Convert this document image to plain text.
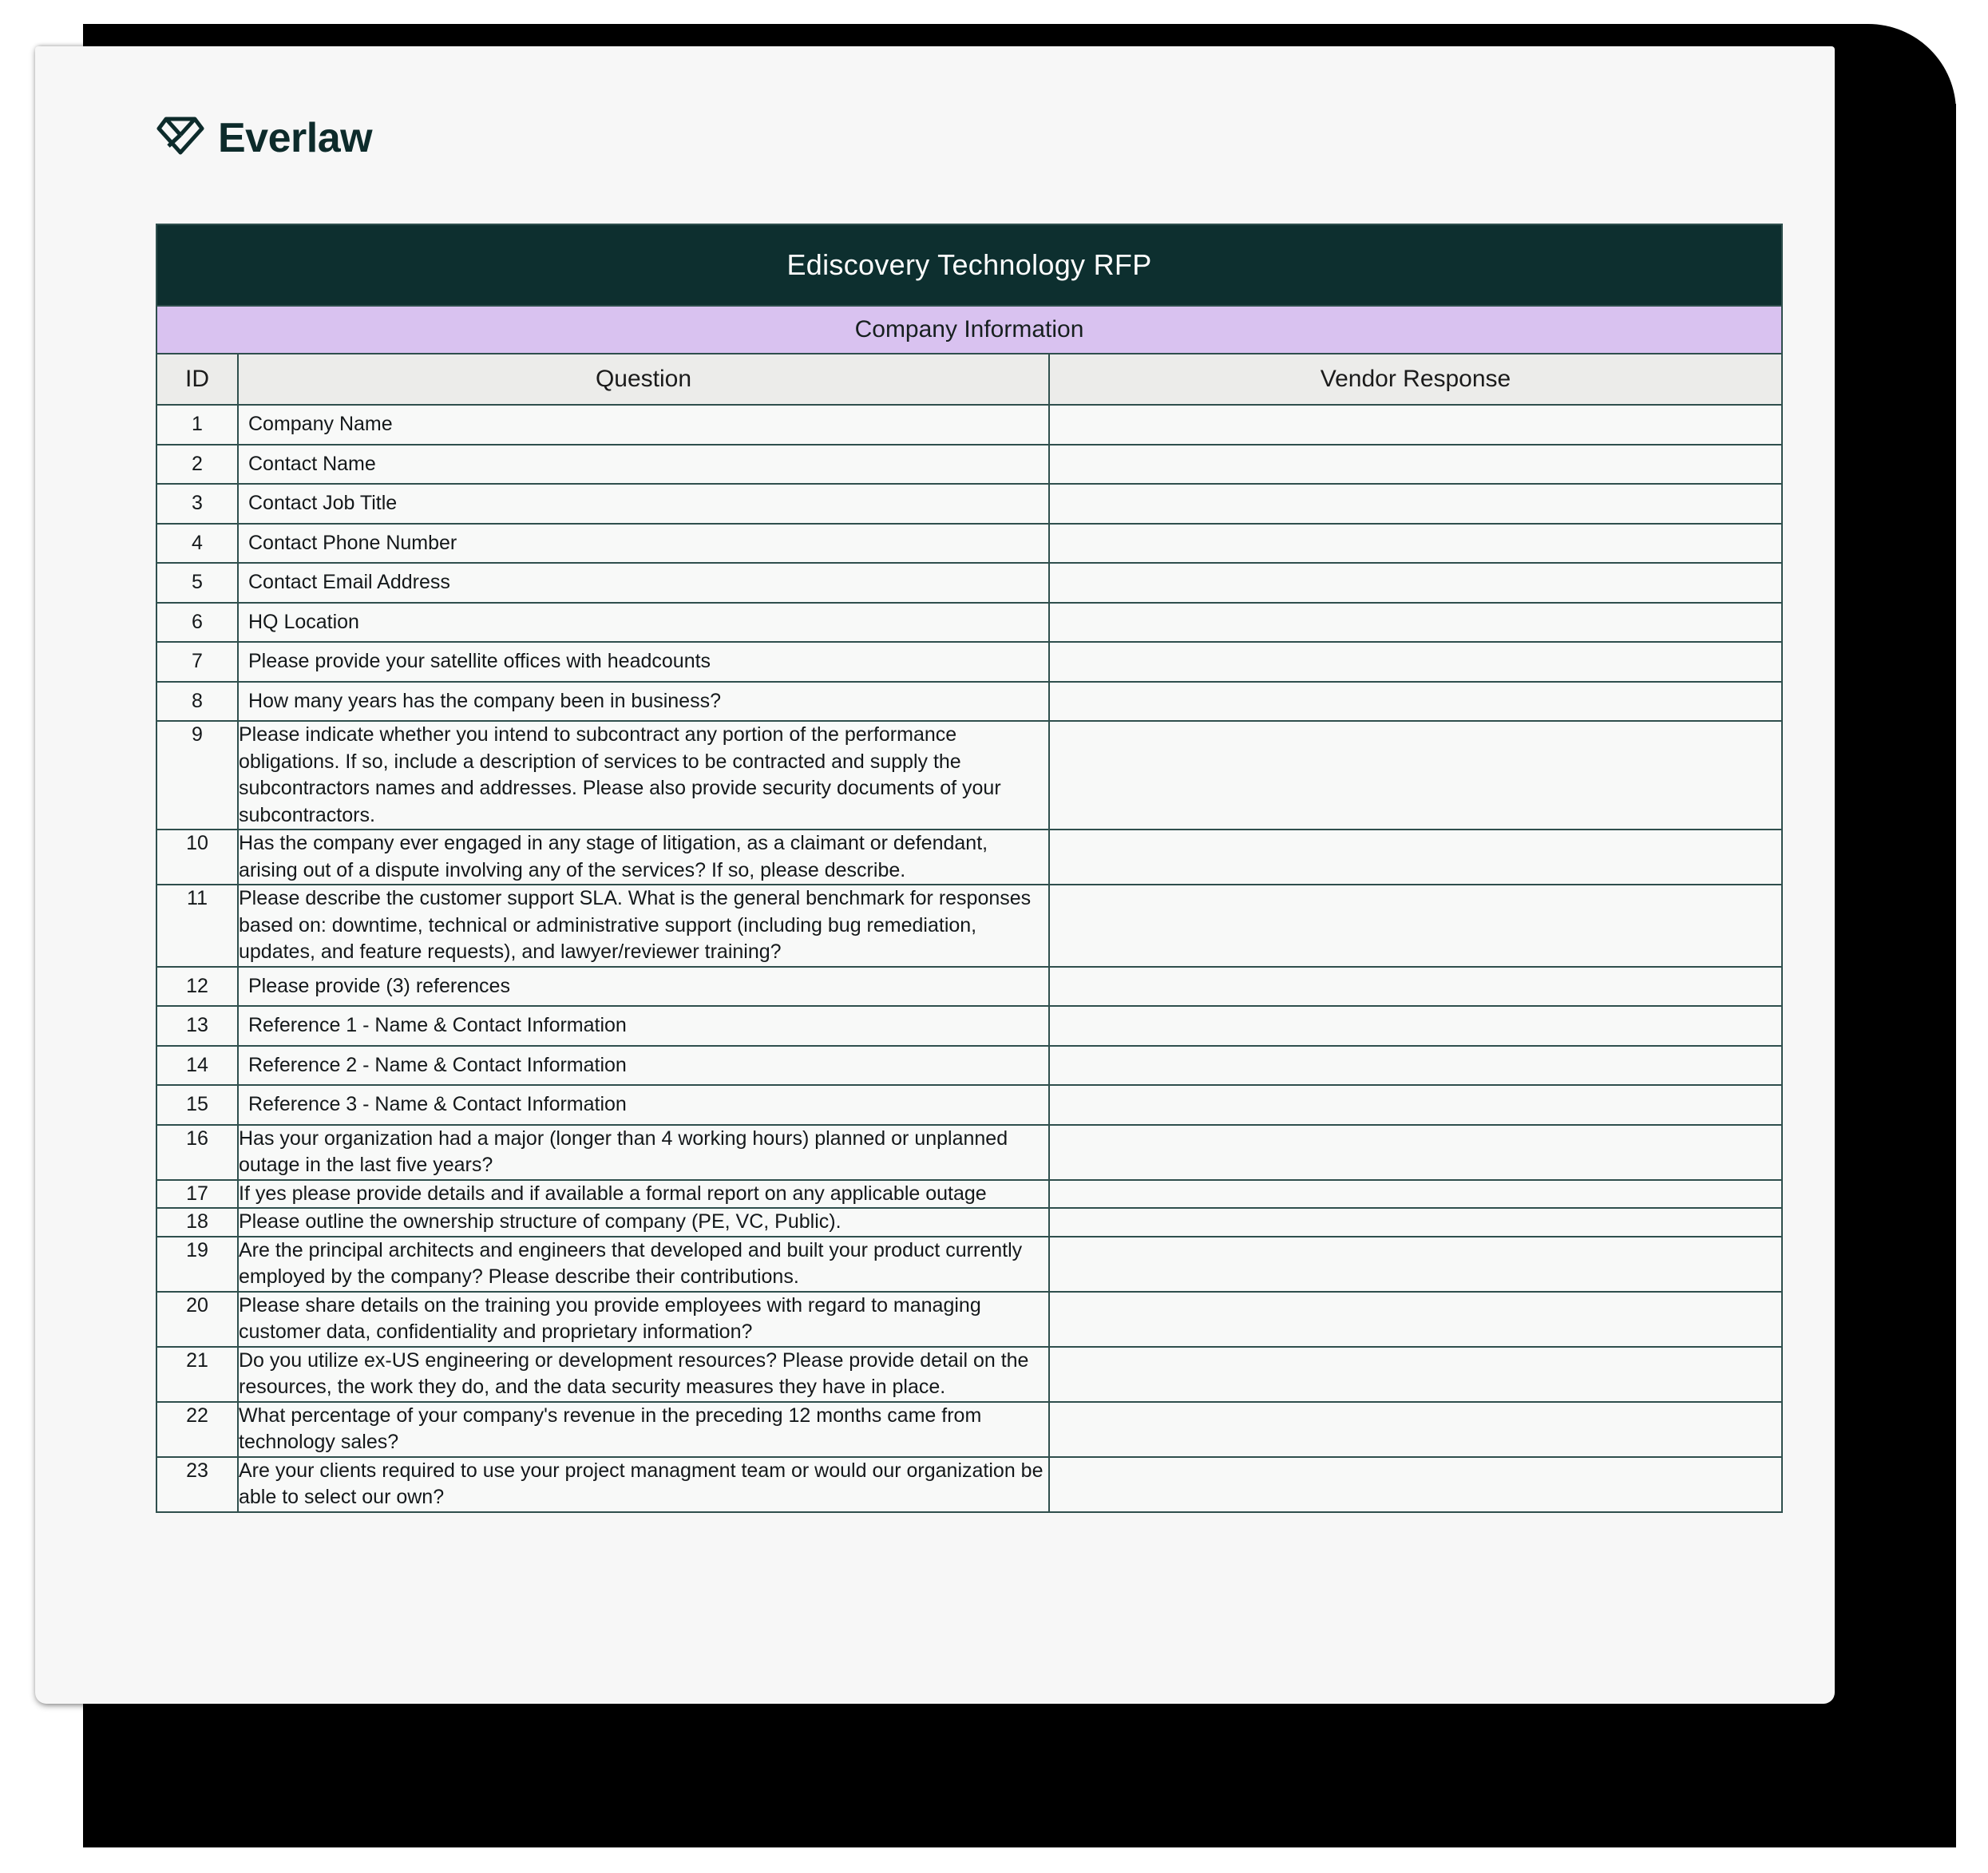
Everlaw
Ediscovery Technology RFP		
Company Information		
ID	Question	Vendor Response
1	Company Name	
2	Contact Name	
3	Contact Job Title	
4	Contact Phone Number	
5	Contact Email Address	
6	HQ Location	
7	Please provide your satellite offices with headcounts	
8	How many years has the company been in business?	
9	Please indicate whether you intend to subcontract any portion of the performance obligations. If so, include a description of services to be contracted and supply the subcontractors names and addresses. Please also provide security documents of your subcontractors.	
10	Has the company ever engaged in any stage of litigation, as a claimant or defendant, arising out of a dispute involving any of the services? If so, please describe.	
11	Please describe the customer support SLA. What is the general benchmark for responses based on: downtime, technical or administrative support (including bug remediation, updates, and feature requests), and lawyer/reviewer training?	
12	Please provide (3) references	
13	Reference 1 - Name & Contact Information	
14	Reference 2 - Name & Contact Information	
15	Reference 3 - Name & Contact Information	
16	Has your organization had a major (longer than 4 working hours) planned or unplanned outage in the last five years?	
17	If yes please provide details and if available a formal report on any applicable outage	
18	Please outline the ownership structure of company (PE, VC, Public).	
19	Are the principal architects and engineers that developed and built your product currently employed by the company? Please describe their contributions.	
20	Please share details on the training you provide employees with regard to managing customer data, confidentiality and proprietary information?	
21	Do you utilize ex-US engineering or development resources? Please provide detail on the resources, the work they do, and the data security measures they have in place.	
22	What percentage of your company's revenue in the preceding 12 months came from technology sales?	
23	Are your clients required to use your project managment team or would our organization be able to select our own?	
